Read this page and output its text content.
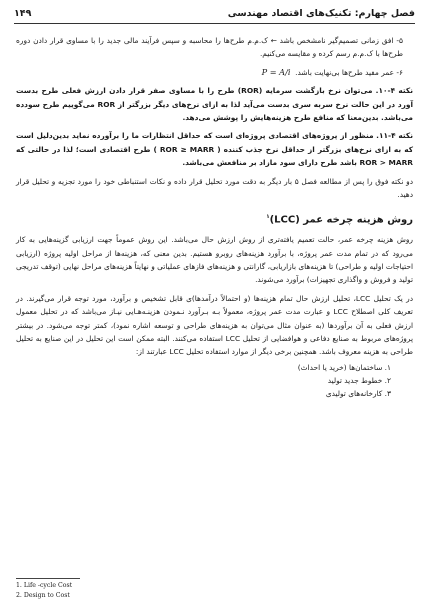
۱۴۹	فصل چهارم: تکنیک‌های اقتصاد مهندسی

۵- افق زمانی تصمیم‌گیر نامشخص باشد ← ک.م.م طرح‌ها را محاسبه و سپس فرآیند مالی جدید را با مساوی قرار دادن دوره طرح‌ها با ک.م.م رسم کرده و مقایسه می‌کنیم.

۶- عمر مفید طرح‌ها بی‌نهایت باشد.  P = A/i

نکته ۴-۱۰. می‌توان نرخ بازگشت سرمایه (ROR) طرح را با مساوی صفر قرار دادن ارزش فعلی طرح بدست آورد در این حالت نرخ سربه سری بدست می‌آید لذا به ازای نرخ‌های دیگر بزرگتر از ROR می‌گوییم طرح سودده می‌باشد. بدین‌معنا که منافع طرح هزینه‌هایش را پوشش می‌دهد.

نکته ۴-۱۱. منظور از پروژه‌های اقتصادی پروژه‌ای است که حداقل انتظارات ما را برآورده نماید بدین‌دلیل است که به ازای نرخ‌های بزرگتر از حداقل نرخ جذب کننده ( ROR ≥ MARR ) طرح اقتصادی است؛ لذا در حالتی که ROR > MARR باشد طرح دارای سود مازاد بر منافعش می‌باشد.

دو نکته فوق را پس از مطالعه فصل ۵ بار دیگر به دقت مورد تحلیل قرار داده و نکات استنباطی خود را مورد تجزیه و تحلیل قرار دهید.

روش هزینه چرخه عمر (LCC)$^۱$

روش هزینه چرخه عمر، حالت تعمیم یافته‌تری از روش ارزش حال می‌باشد. این روش عموماً جهت ارزیابی گزینه‌هایی به کار می‌رود که در تمام مدت عمر پروژه، با برآورد هزینه‌های روبرو هستیم. بدین معنی که، هزینه‌ها از مراحل اولیه پروژه (ارزیابی احتیاجات اولیه و طراحی) تا هزینه‌های بازاریابی، گارانتی و هزینه‌های فازهای عملیاتی و نهایتاً هزینه‌های مراحل نهایی (توقف تدریجی تولید و فروش و واگذاری تجهیزات) برآورد می‌شوند.

در یک تحلیل LCC، تحلیل ارزش حال تمام هزینه‌ها (و احتمالاً درآمدها)ی قابل تشخیص و برآورد، مورد توجه قرار می‌گیرند. در تعریف کلی اصطلاح LCC و عبارت مدت عمر پروژه، معمولاً بـه بـرآورد نـمودن هزینـه‌هـایی نیـاز می‌باشد که در تحلیل معمول ارزش فعلی به آن برآوردها (به عنوان مثال می‌توان به هزینه‌های طراحی و توسعه اشاره نمود)، کمتر توجه می‌شود. در بیشتر پروژه‌های مربوط به صنایع دفاعی و هوافضایی از تحلیل LCC استفاده می‌کنند. البته ممکن است این تحلیل در این صنایع به تحلیل طراحی به هزینه معروف باشد. همچنین برخی دیگر از موارد استفاده تحلیل LCC عبارتند از:

۱. ساختمان‌ها (خرید یا احداث)
۲. خطوط جدید تولید
۳. کارخانه‌های تولیدی
1. Life -cycle Cost
2. Design to Cost
